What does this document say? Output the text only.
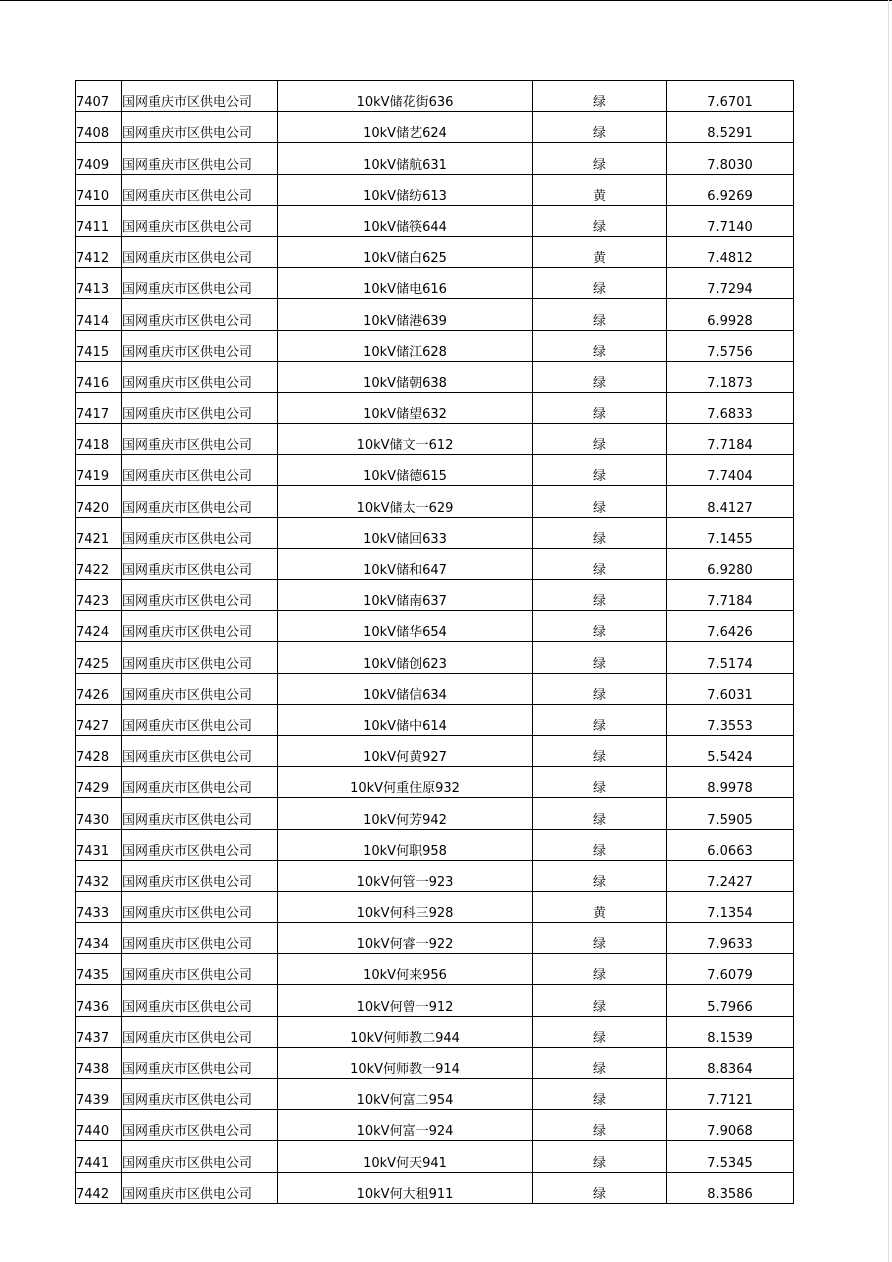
7407	国网重庆市区供电公司	10kV储花街636	绿	7.6701
7408	国网重庆市区供电公司	10kV储艺624	绿	8.5291
7409	国网重庆市区供电公司	10kV储航631	绿	7.8030
7410	国网重庆市区供电公司	10kV储纺613	黄	6.9269
7411	国网重庆市区供电公司	10kV储筷644	绿	7.7140
7412	国网重庆市区供电公司	10kV储白625	黄	7.4812
7413	国网重庆市区供电公司	10kV储电616	绿	7.7294
7414	国网重庆市区供电公司	10kV储港639	绿	6.9928
7415	国网重庆市区供电公司	10kV储江628	绿	7.5756
7416	国网重庆市区供电公司	10kV储朝638	绿	7.1873
7417	国网重庆市区供电公司	10kV储望632	绿	7.6833
7418	国网重庆市区供电公司	10kV储文一612	绿	7.7184
7419	国网重庆市区供电公司	10kV储德615	绿	7.7404
7420	国网重庆市区供电公司	10kV储太一629	绿	8.4127
7421	国网重庆市区供电公司	10kV储回633	绿	7.1455
7422	国网重庆市区供电公司	10kV储和647	绿	6.9280
7423	国网重庆市区供电公司	10kV储南637	绿	7.7184
7424	国网重庆市区供电公司	10kV储华654	绿	7.6426
7425	国网重庆市区供电公司	10kV储创623	绿	7.5174
7426	国网重庆市区供电公司	10kV储信634	绿	7.6031
7427	国网重庆市区供电公司	10kV储中614	绿	7.3553
7428	国网重庆市区供电公司	10kV何黄927	绿	5.5424
7429	国网重庆市区供电公司	10kV何重住原932	绿	8.9978
7430	国网重庆市区供电公司	10kV何芳942	绿	7.5905
7431	国网重庆市区供电公司	10kV何职958	绿	6.0663
7432	国网重庆市区供电公司	10kV何管一923	绿	7.2427
7433	国网重庆市区供电公司	10kV何科三928	黄	7.1354
7434	国网重庆市区供电公司	10kV何睿一922	绿	7.9633
7435	国网重庆市区供电公司	10kV何来956	绿	7.6079
7436	国网重庆市区供电公司	10kV何曾一912	绿	5.7966
7437	国网重庆市区供电公司	10kV何师教二944	绿	8.1539
7438	国网重庆市区供电公司	10kV何师教一914	绿	8.8364
7439	国网重庆市区供电公司	10kV何富二954	绿	7.7121
7440	国网重庆市区供电公司	10kV何富一924	绿	7.9068
7441	国网重庆市区供电公司	10kV何天941	绿	7.5345
7442	国网重庆市区供电公司	10kV何大租911	绿	8.3586
